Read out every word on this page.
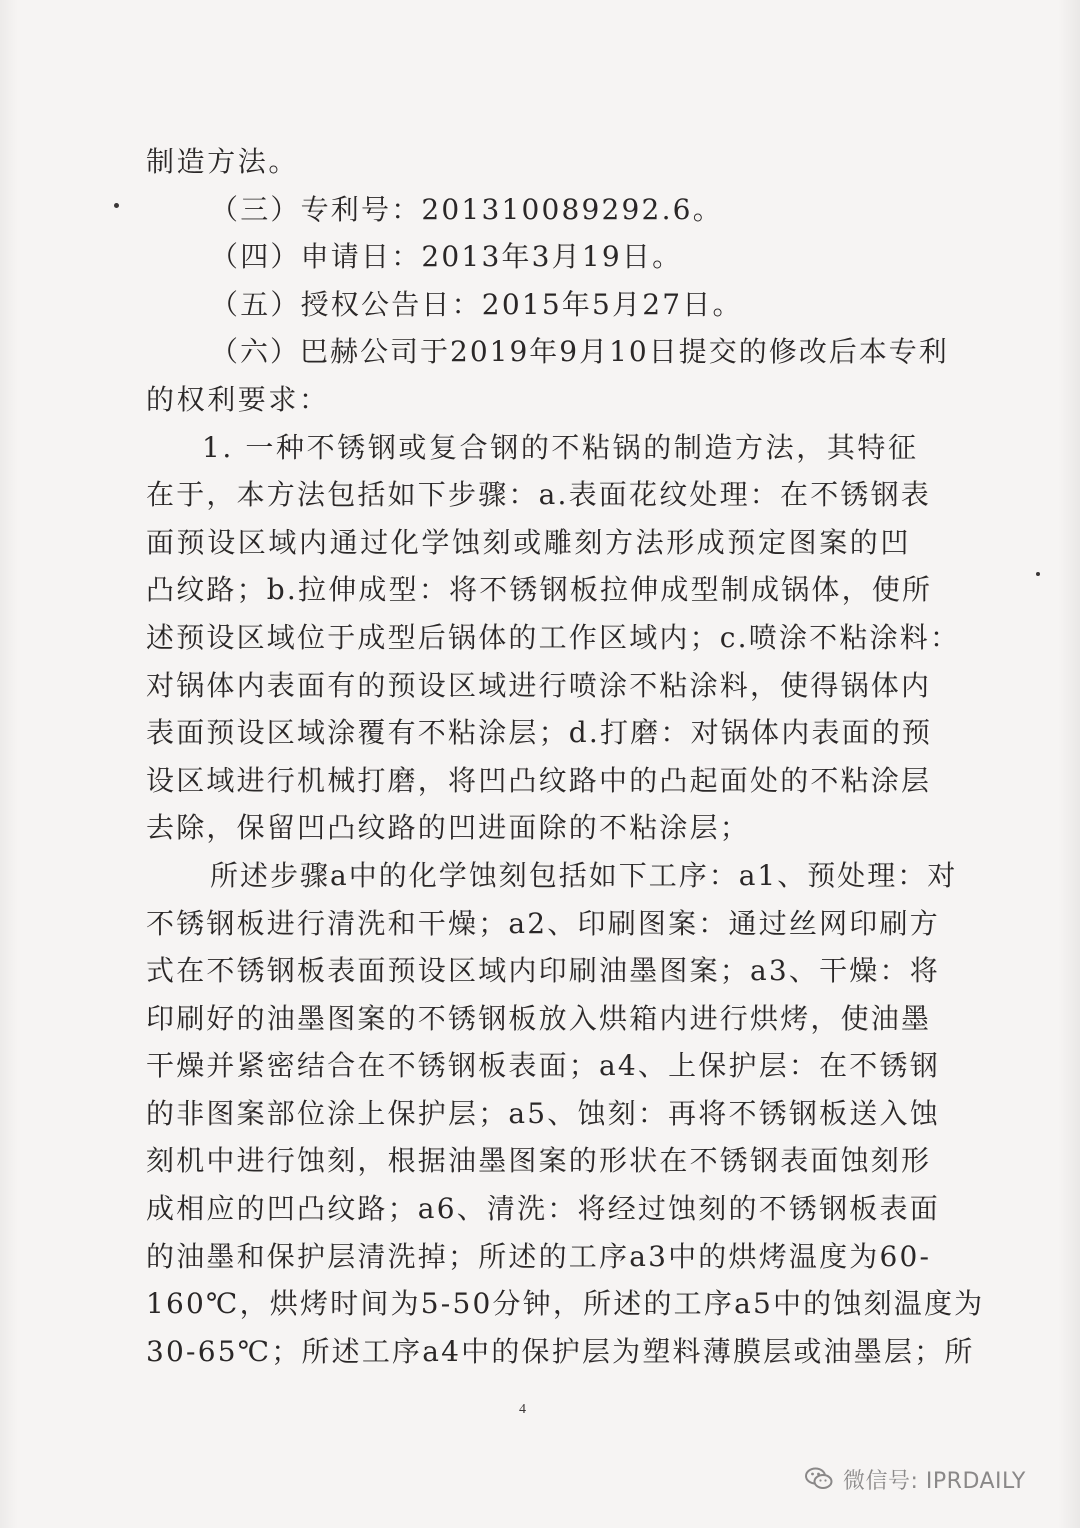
制造方法。
（三）专利号：201310089292.6。
（四）申请日：2013年3月19日。
（五）授权公告日：2015年5月27日。
（六）巴赫公司于2019年9月10日提交的修改后本专利
的权利要求：
1. 一种不锈钢或复合钢的不粘锅的制造方法，其特征
在于，本方法包括如下步骤：a.表面花纹处理：在不锈钢表
面预设区域内通过化学蚀刻或雕刻方法形成预定图案的凹
凸纹路；b.拉伸成型：将不锈钢板拉伸成型制成锅体，使所
述预设区域位于成型后锅体的工作区域内；c.喷涂不粘涂料：
对锅体内表面有的预设区域进行喷涂不粘涂料，使得锅体内
表面预设区域涂覆有不粘涂层；d.打磨：对锅体内表面的预
设区域进行机械打磨，将凹凸纹路中的凸起面处的不粘涂层
去除，保留凹凸纹路的凹进面除的不粘涂层；
所述步骤a中的化学蚀刻包括如下工序：a1、预处理：对
不锈钢板进行清洗和干燥；a2、印刷图案：通过丝网印刷方
式在不锈钢板表面预设区域内印刷油墨图案；a3、干燥：将
印刷好的油墨图案的不锈钢板放入烘箱内进行烘烤，使油墨
干燥并紧密结合在不锈钢板表面；a4、上保护层：在不锈钢
的非图案部位涂上保护层；a5、蚀刻：再将不锈钢板送入蚀
刻机中进行蚀刻，根据油墨图案的形状在不锈钢表面蚀刻形
成相应的凹凸纹路；a6、清洗：将经过蚀刻的不锈钢板表面
的油墨和保护层清洗掉；所述的工序a3中的烘烤温度为60-
160℃，烘烤时间为5-50分钟，所述的工序a5中的蚀刻温度为
30-65℃；所述工序a4中的保护层为塑料薄膜层或油墨层；所
4
微信号: IPRDAILY
